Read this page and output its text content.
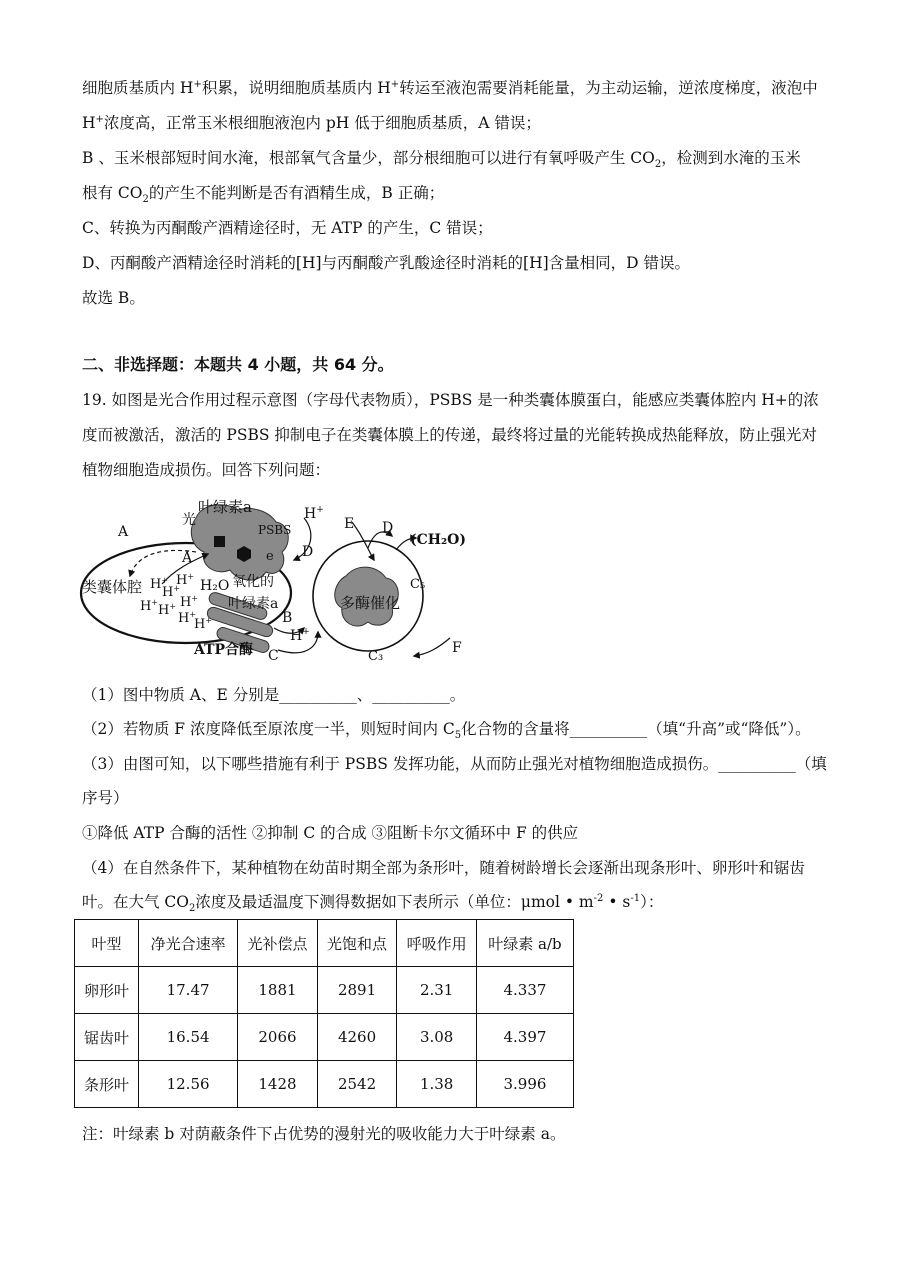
细胞质基质内 H+积累，说明细胞质基质内 H+转运至液泡需要消耗能量，为主动运输，逆浓度梯度，液泡中
H+浓度高，正常玉米根细胞液泡内 pH 低于细胞质基质，A 错误；
B 、玉米根部短时间水淹，根部氧气含量少，部分根细胞可以进行有氧呼吸产生 $CO_2$，检测到水淹的玉米
根有 $CO_2$的产生不能判断是否有酒精生成，B 正确；
C、转换为丙酮酸产酒精途径时，无 ATP 的产生，C 错误；
D、丙酮酸产酒精途径时消耗的[H]与丙酮酸产乳酸途径时消耗的[H]含量相同，D 错误。
故选 B。
二、非选择题：本题共 4 小题，共 64 分。
19. 如图是光合作用过程示意图（字母代表物质），PSBS 是一种类囊体膜蛋白，能感应类囊体腔内 H+的浓
度而被激活，激活的 PSBS 抑制电子在类囊体膜上的传递，最终将过量的光能转换成热能释放，防止强光对
植物细胞造成损伤。回答下列问题：
叶绿素a
光
PSBS
A
A	e
H+
E D
D
(CH₂O)
类囊体腔	H₂O 氧化的
叶绿素a
C₅
多酶催化
B
H+
ATP合酶 C	C₃
F
H+ H+
H+
H+
H+ H+
H+
H+
（1）图中物质 A、E 分别是__________、__________。
（2）若物质 F 浓度降低至原浓度一半，则短时间内 $C_5$化合物的含量将__________（填“升高”或“降低”）。
（3）由图可知，以下哪些措施有利于 PSBS 发挥功能，从而防止强光对植物细胞造成损伤。__________（填
序号）
①降低 ATP 合酶的活性 ②抑制 C 的合成 ③阻断卡尔文循环中 F 的供应
（4）在自然条件下，某种植物在幼苗时期全部为条形叶，随着树龄增长会逐渐出现条形叶、卵形叶和锯齿
叶。在大气 $CO_2$浓度及最适温度下测得数据如下表所示（单位：μmol • $m^{-2}$ • $s^{-1}$）：
叶型	净光合速率	光补偿点	光饱和点	呼吸作用	叶绿素 a/b
卵形叶	17.47	1881	2891	2.31	4.337
锯齿叶	16.54	2066	4260	3.08	4.397
条形叶	12.56	1428	2542	1.38	3.996
注：叶绿素 b 对荫蔽条件下占优势的漫射光的吸收能力大于叶绿素 a。
